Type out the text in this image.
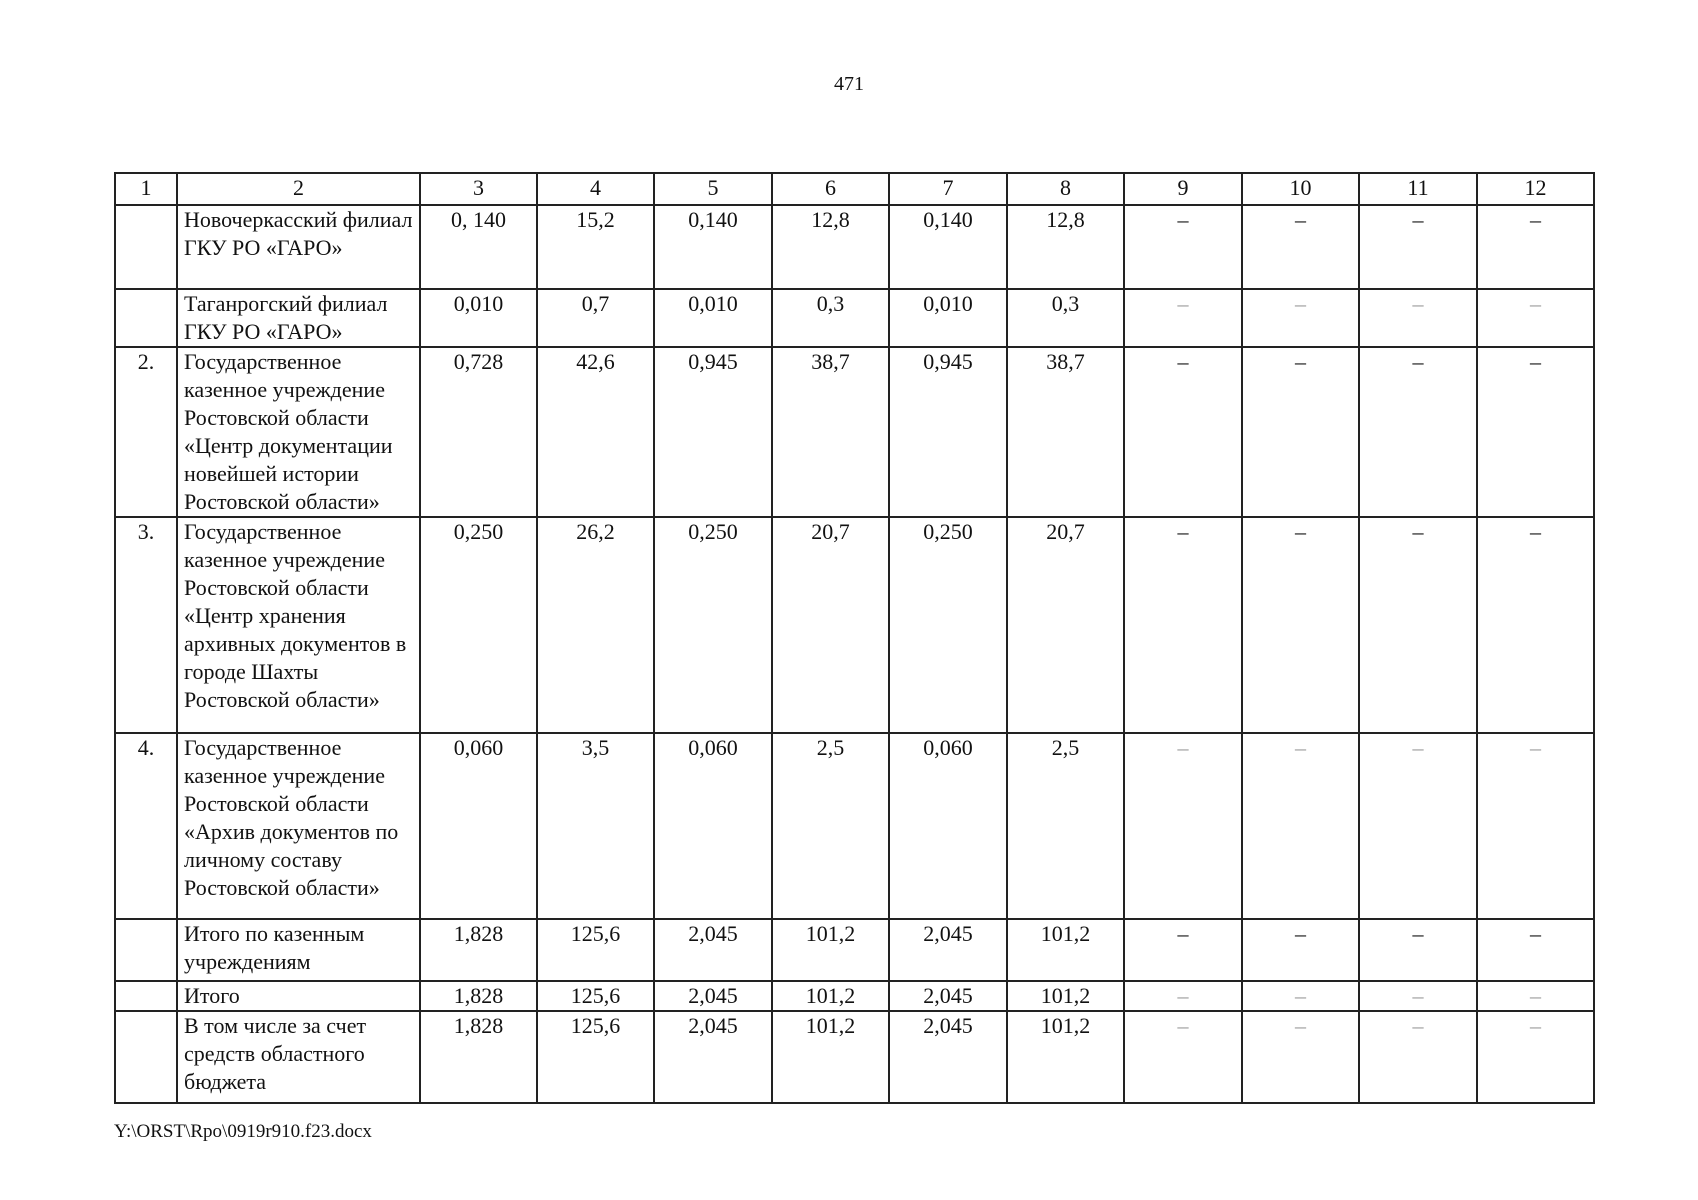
471
1	2	3	4	5	6	7	8	9	10	11	12
	Новочеркасский филиал ГКУ РО «ГАРО»	0, 140	15,2	0,140	12,8	0,140	12,8	–	–	–	–
	Таганрогский филиал ГКУ РО «ГАРО»	0,010	0,7	0,010	0,3	0,010	0,3	–	–	–	–
2.	Государственное казенное учреждение Ростовской области «Центр документации новейшей истории Ростовской области»	0,728	42,6	0,945	38,7	0,945	38,7	–	–	–	–
3.	Государственное казенное учреждение Ростовской области «Центр хранения архивных документов в городе Шахты Ростовской области»	0,250	26,2	0,250	20,7	0,250	20,7	–	–	–	–
4.	Государственное казенное учреждение Ростовской области «Архив документов по личному составу Ростовской области»	0,060	3,5	0,060	2,5	0,060	2,5	–	–	–	–
	Итого по казенным учреждениям	1,828	125,6	2,045	101,2	2,045	101,2	–	–	–	–
	Итого	1,828	125,6	2,045	101,2	2,045	101,2	–	–	–	–
	В том числе за счет средств областного бюджета	1,828	125,6	2,045	101,2	2,045	101,2	–	–	–	–
Y:\ORST\Rpo\0919r910.f23.docx
